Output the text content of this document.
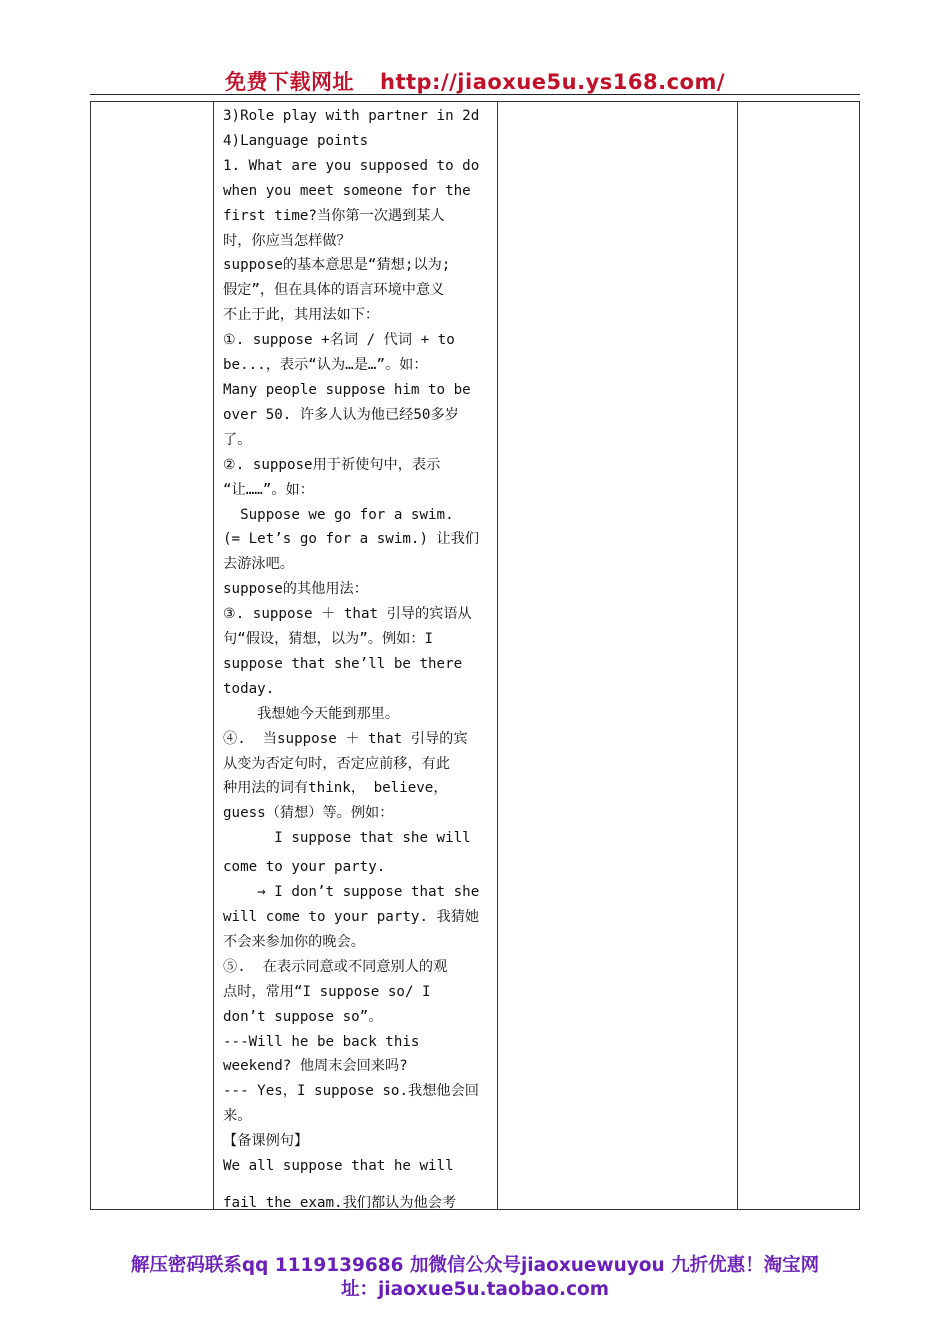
免费下载网址 http://jiaoxue5u.ys168.com/

3)Role play with partner in 2d

4)Language points

1. What are you supposed to do

when you meet someone for the

first time?当你第一次遇到某人

时，你应当怎样做？

suppose的基本意思是“猜想;以为;

假定”，但在具体的语言环境中意义

不止于此，其用法如下：

①. suppose +名词 / 代词 + to

be...，表示“认为…是…”。如：

Many people suppose him to be

over 50. 许多人认为他已经50多岁

了。

②. suppose用于祈使句中，表示

“让……”。如：

Suppose we go for a swim.

(= Let’s go for a swim.) 让我们

去游泳吧。

suppose的其他用法：

③. suppose ＋ that 引导的宾语从

句“假设，猜想，以为”。例如：I

suppose that she’ll be there

today.

我想她今天能到那里。

④.  当suppose ＋ that 引导的宾

从变为否定句时，否定应前移，有此

种用法的词有think， believe，

guess（猜想）等。例如：

I suppose that she will

come to your party.

→ I don’t suppose that she

will come to your party. 我猜她

不会来参加你的晚会。

⑤.  在表示同意或不同意别人的观

点时，常用“I suppose so/ I

don’t suppose so”。

---Will he be back this

weekend? 他周末会回来吗?

--- Yes，I suppose so.我想他会回

来。

【备课例句】

We all suppose that he will

fail the exam.我们都认为他会考

解压密码联系qq 1119139686 加微信公众号jiaoxuewuyou 九折优惠！淘宝网
址：jiaoxue5u.taobao.com
